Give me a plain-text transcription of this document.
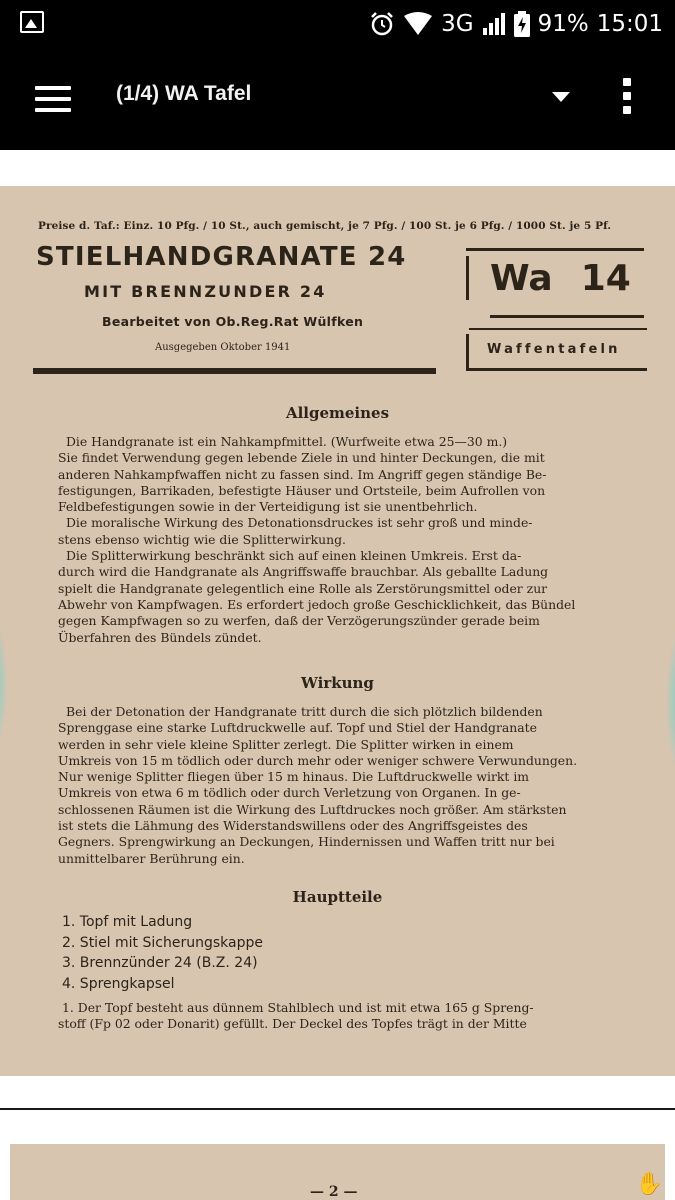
3G	91% 15:01
(1/4) WA Tafel
Preise d. Taf.: Einz. 10 Pfg. / 10 St., auch gemischt, je 7 Pfg. / 100 St. je 6 Pfg. / 1000 St. je 5 Pf.
STIELHANDGRANATE 24
MIT BRENNZUNDER 24
Bearbeitet von Ob.Reg.Rat Wülfken
Ausgegeben Oktober 1941
Wa 14
Waffentafeln
Allgemeines
Die Handgranate ist ein Nahkampfmittel. (Wurfweite etwa 25—30 m.)
Sie findet Verwendung gegen lebende Ziele in und hinter Deckungen, die mit
anderen Nahkampfwaffen nicht zu fassen sind. Im Angriff gegen ständige Be-
festigungen, Barrikaden, befestigte Häuser und Ortsteile, beim Aufrollen von
Feldbefestigungen sowie in der Verteidigung ist sie unentbehrlich.
Die moralische Wirkung des Detonationsdruckes ist sehr groß und minde-
stens ebenso wichtig wie die Splitterwirkung.
Die Splitterwirkung beschränkt sich auf einen kleinen Umkreis. Erst da-
durch wird die Handgranate als Angriffswaffe brauchbar. Als geballte Ladung
spielt die Handgranate gelegentlich eine Rolle als Zerstörungsmittel oder zur
Abwehr von Kampfwagen. Es erfordert jedoch große Geschicklichkeit, das Bündel
gegen Kampfwagen so zu werfen, daß der Verzögerungszünder gerade beim
Überfahren des Bündels zündet.
Wirkung
Bei der Detonation der Handgranate tritt durch die sich plötzlich bildenden
Sprenggase eine starke Luftdruckwelle auf. Topf und Stiel der Handgranate
werden in sehr viele kleine Splitter zerlegt. Die Splitter wirken in einem
Umkreis von 15 m tödlich oder durch mehr oder weniger schwere Verwundungen.
Nur wenige Splitter fliegen über 15 m hinaus. Die Luftdruckwelle wirkt im
Umkreis von etwa 6 m tödlich oder durch Verletzung von Organen. In ge-
schlossenen Räumen ist die Wirkung des Luftdruckes noch größer. Am stärksten
ist stets die Lähmung des Widerstandswillens oder des Angriffsgeistes des
Gegners. Sprengwirkung an Deckungen, Hindernissen und Waffen tritt nur bei
unmittelbarer Berührung ein.
Hauptteile
1. Topf mit Ladung
2. Stiel mit Sicherungskappe
3. Brennzünder 24 (B.Z. 24)
4. Sprengkapsel
1. Der Topf besteht aus dünnem Stahlblech und ist mit etwa 165 g Spreng-
stoff (Fp 02 oder Donarit) gefüllt. Der Deckel des Topfes trägt in der Mitte
— 2 —	✋
